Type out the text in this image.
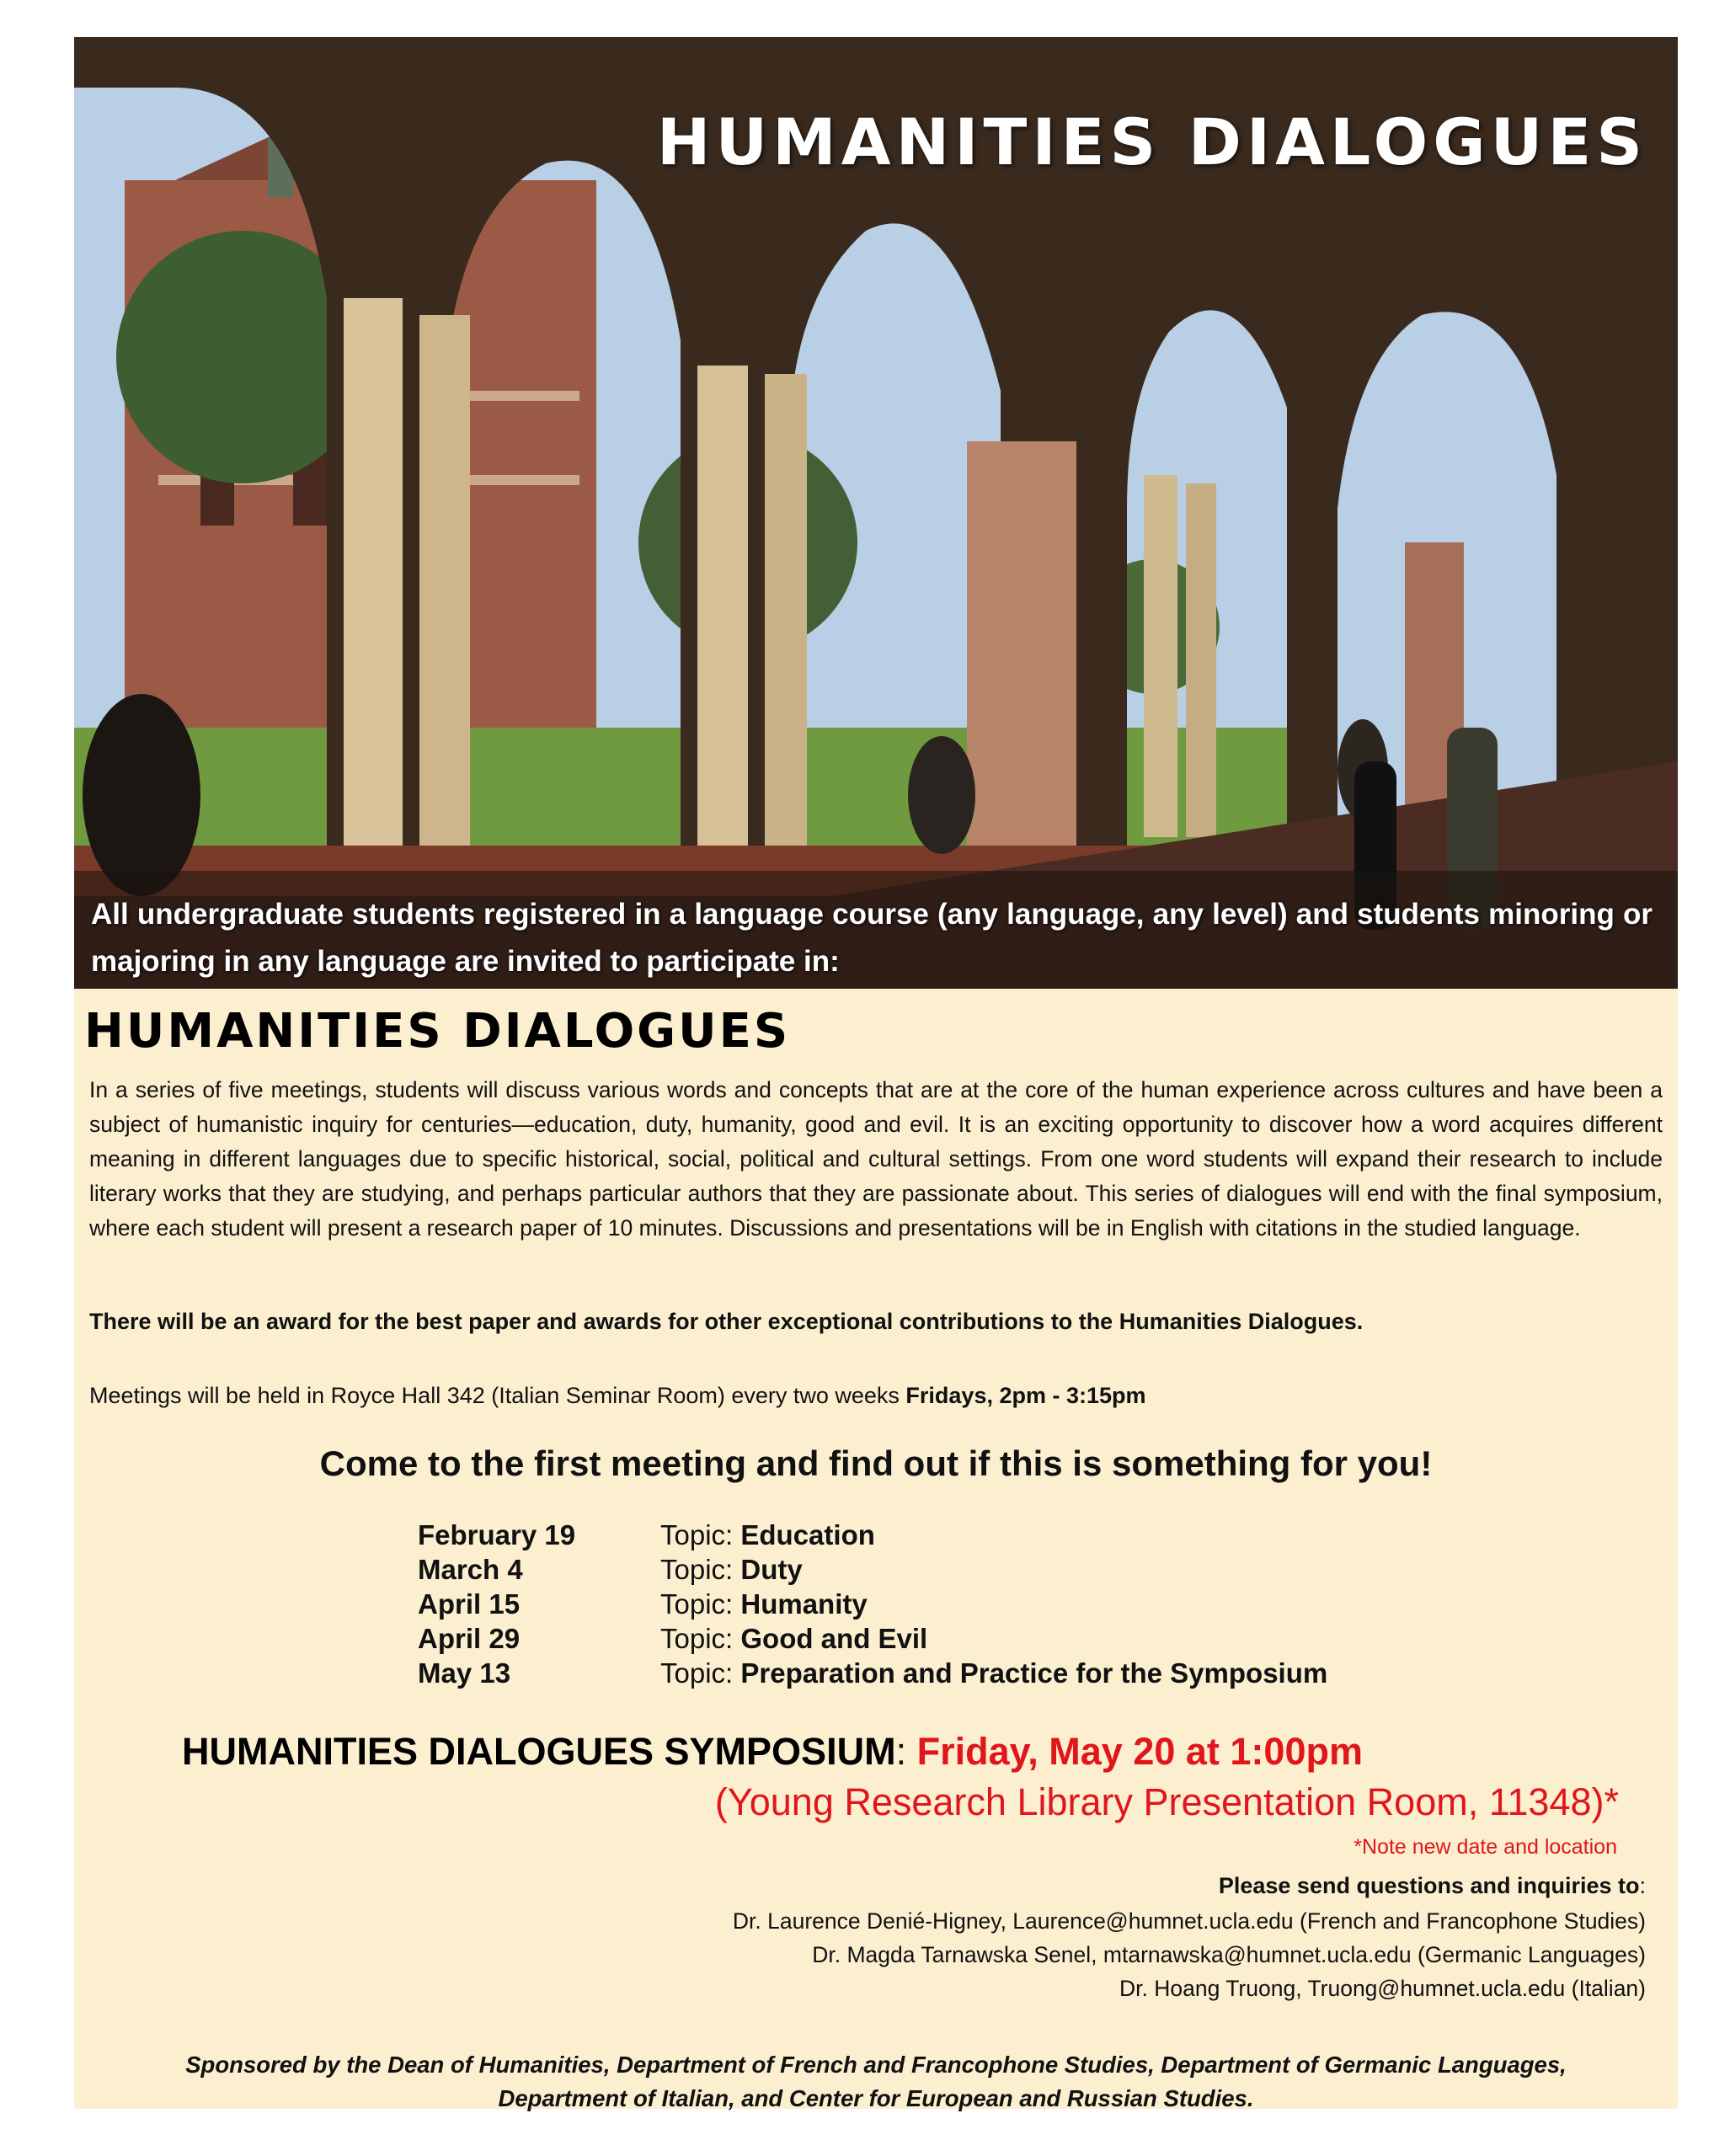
HUMANITIES DIALOGUES
All undergraduate students registered in a language course (any language, any level) and students minoring or majoring in any language are invited to participate in:
HUMANITIES DIALOGUES
In a series of five meetings, students will discuss various words and concepts that are at the core of the human experience across cultures and have been a subject of humanistic inquiry for centuries—education, duty, humanity, good and evil. It is an exciting opportunity to discover how a word acquires different meaning in different languages due to specific historical, social, political and cultural settings. From one word students will expand their research to include literary works that they are studying, and perhaps particular authors that they are passionate about. This series of dialogues will end with the final symposium, where each student will present a research paper of 10 minutes. Discussions and presentations will be in English with citations in the studied language.
There will be an award for the best paper and awards for other exceptional contributions to the Humanities Dialogues.
Meetings will be held in Royce Hall 342 (Italian Seminar Room) every two weeks Fridays, 2pm - 3:15pm
Come to the first meeting and find out if this is something for you!
February 19	Topic: Education
March 4	Topic: Duty
April 15	Topic: Humanity
April 29	Topic: Good and Evil
May 13	Topic: Preparation and Practice for the Symposium
HUMANITIES DIALOGUES SYMPOSIUM: Friday, May 20 at 1:00pm
(Young Research Library Presentation Room, 11348)*
*Note new date and location
Please send questions and inquiries to:
Dr. Laurence Denié-Higney, Laurence@humnet.ucla.edu (French and Francophone Studies)
Dr. Magda Tarnawska Senel, mtarnawska@humnet.ucla.edu (Germanic Languages)
Dr. Hoang Truong, Truong@humnet.ucla.edu (Italian)
Sponsored by the Dean of Humanities, Department of French and Francophone Studies, Department of Germanic Languages,
Department of Italian, and Center for European and Russian Studies.
